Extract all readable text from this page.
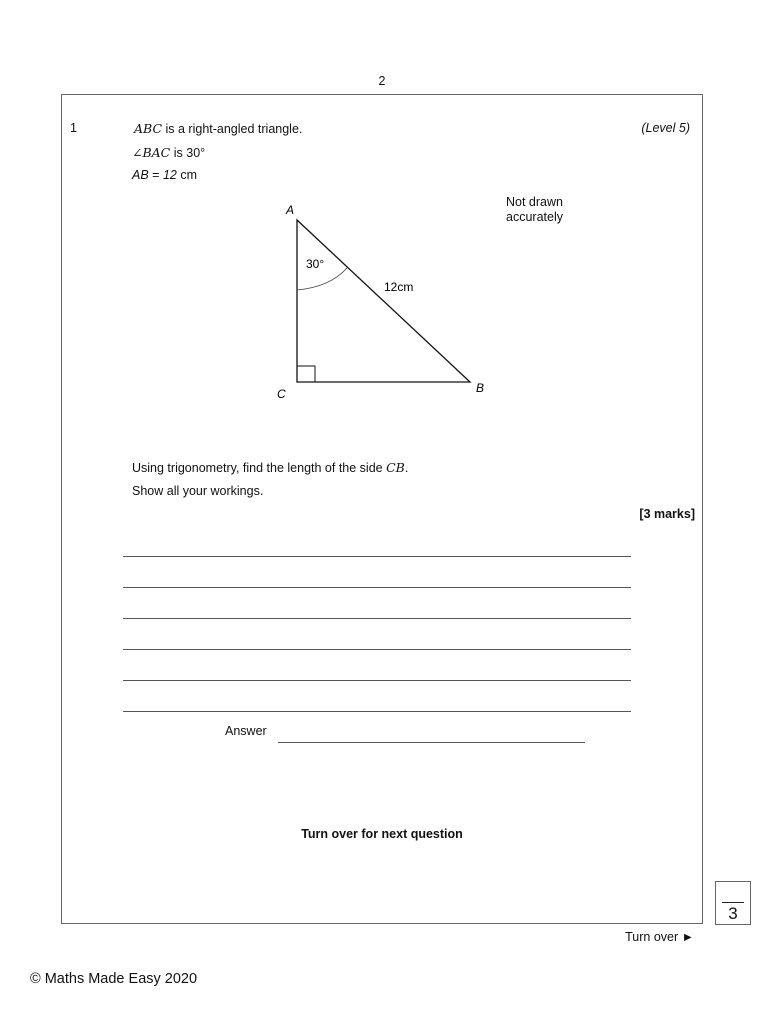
2
1	(Level 5)
ABC is a right-angled triangle.
∠BAC is 30°
AB = 12 cm
Not drawn
accurately
A
B
C
30°
12cm
Using trigonometry, find the length of the side CB.
Show all your workings.
[3 marks]
Answer
Turn over for next question
3
Turn over ►
© Maths Made Easy 2020
